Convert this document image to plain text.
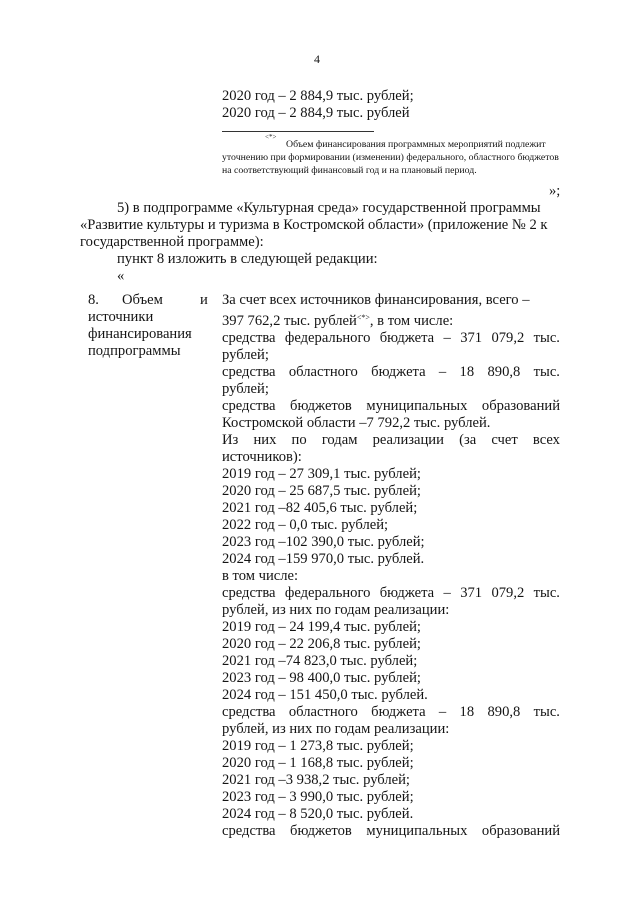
4
2020 год – 2 884,9 тыс. рублей;
2020 год – 2 884,9 тыс. рублей
<*>
Объем финансирования программных мероприятий подлежит
уточнению при формировании (изменении) федерального, областного бюджетов
на соответствующий финансовый год и на плановый период.
»;
5) в подпрограмме «Культурная среда» государственной программы
«Развитие культуры и туризма в Костромской области» (приложение № 2 к
государственной программе):
пункт 8 изложить в следующей редакции:
«
8. Объем	и
источники
финансирования
подпрограммы
За счет всех источников финансирования, всего –
397 762,2 тыс. рублей<*>, в том числе:
средства федерального бюджета – 371 079,2 тыс.
рублей;
средства областного бюджета – 18 890,8 тыс.
рублей;
средства бюджетов муниципальных образований
Костромской области –7 792,2 тыс. рублей.
Из них по годам реализации (за счет всех
источников):
2019 год – 27 309,1 тыс. рублей;
2020 год – 25 687,5 тыс. рублей;
2021 год –82 405,6 тыс. рублей;
2022 год – 0,0 тыс. рублей;
2023 год –102 390,0 тыс. рублей;
2024 год –159 970,0 тыс. рублей.
в том числе:
средства федерального бюджета – 371 079,2 тыс.
рублей, из них по годам реализации:
2019 год – 24 199,4 тыс. рублей;
2020 год – 22 206,8 тыс. рублей;
2021 год –74 823,0 тыс. рублей;
2023 год – 98 400,0 тыс. рублей;
2024 год – 151 450,0 тыс. рублей.
средства областного бюджета – 18 890,8 тыс.
рублей, из них по годам реализации:
2019 год – 1 273,8 тыс. рублей;
2020 год – 1 168,8 тыс. рублей;
2021 год –3 938,2 тыс. рублей;
2023 год – 3 990,0 тыс. рублей;
2024 год – 8 520,0 тыс. рублей.
средства бюджетов муниципальных образований
